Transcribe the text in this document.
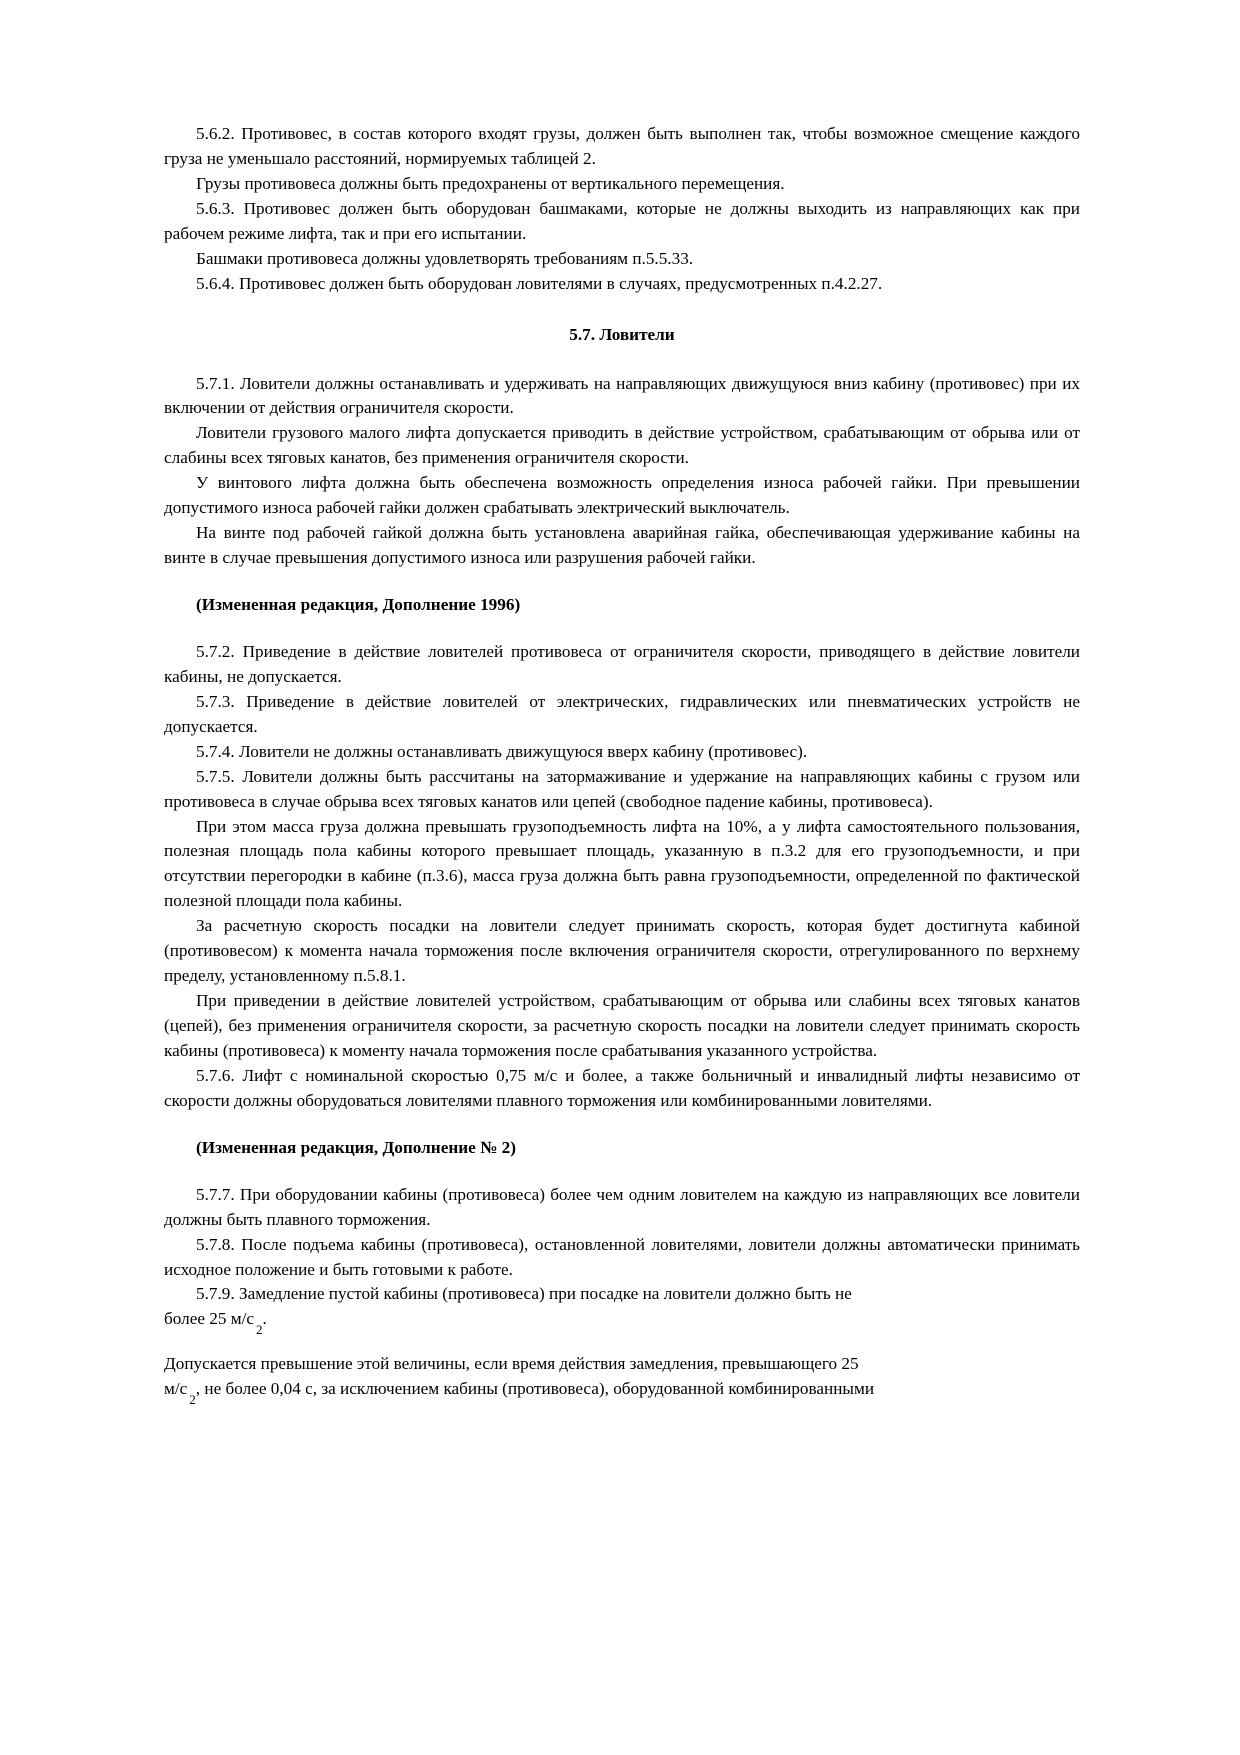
5.6.2. Противовес, в состав которого входят грузы, должен быть выполнен так, чтобы возможное смещение каждого груза не уменьшало расстояний, нормируемых таблицей 2.

Грузы противовеса должны быть предохранены от вертикального перемещения.

5.6.3. Противовес должен быть оборудован башмаками, которые не должны выходить из направляющих как при рабочем режиме лифта, так и при его испытании.

Башмаки противовеса должны удовлетворять требованиям п.5.5.33.

5.6.4. Противовес должен быть оборудован ловителями в случаях, предусмотренных п.4.2.27.

5.7. Ловители

5.7.1. Ловители должны останавливать и удерживать на направляющих движущуюся вниз кабину (противовес) при их включении от действия ограничителя скорости.

Ловители грузового малого лифта допускается приводить в действие устройством, срабатывающим от обрыва или от слабины всех тяговых канатов, без применения ограничителя скорости.

У винтового лифта должна быть обеспечена возможность определения износа рабочей гайки. При превышении допустимого износа рабочей гайки должен срабатывать электрический выключатель.

На винте под рабочей гайкой должна быть установлена аварийная гайка, обеспечивающая удерживание кабины на винте в случае превышения допустимого износа или разрушения рабочей гайки.

(Измененная редакция, Дополнение 1996)

5.7.2. Приведение в действие ловителей противовеса от ограничителя скорости, приводящего в действие ловители кабины, не допускается.

5.7.3. Приведение в действие ловителей от электрических, гидравлических или пневматических устройств не допускается.

5.7.4. Ловители не должны останавливать движущуюся вверх кабину (противовес).

5.7.5. Ловители должны быть рассчитаны на затормаживание и удержание на направляющих кабины с грузом или противовеса в случае обрыва всех тяговых канатов или цепей (свободное падение кабины, противовеса).

При этом масса груза должна превышать грузоподъемность лифта на 10%, а у лифта самостоятельного пользования, полезная площадь пола кабины которого превышает площадь, указанную в п.3.2 для его грузоподъемности, и при отсутствии перегородки в кабине (п.3.6), масса груза должна быть равна грузоподъемности, определенной по фактической полезной площади пола кабины.

За расчетную скорость посадки на ловители следует принимать скорость, которая будет достигнута кабиной (противовесом) к момента начала торможения после включения ограничителя скорости, отрегулированного по верхнему пределу, установленному п.5.8.1.

При приведении в действие ловителей устройством, срабатывающим от обрыва или слабины всех тяговых канатов (цепей), без применения ограничителя скорости, за расчетную скорость посадки на ловители следует принимать скорость кабины (противовеса) к моменту начала торможения после срабатывания указанного устройства.

5.7.6. Лифт с номинальной скоростью 0,75 м/с и более, а также больничный и инвалидный лифты независимо от скорости должны оборудоваться ловителями плавного торможения или комбинированными ловителями.

(Измененная редакция, Дополнение № 2)

5.7.7. При оборудовании кабины (противовеса) более чем одним ловителем на каждую из направляющих все ловители должны быть плавного торможения.

5.7.8. После подъема кабины (противовеса), остановленной ловителями, ловители должны автоматически принимать исходное положение и быть готовыми к работе.

5.7.9. Замедление пустой кабины (противовеса) при посадке на ловители должно быть не

более 25 м/с2.

Допускается превышение этой величины, если время действия замедления, превышающего 25

м/с2, не более 0,04 с, за исключением кабины (противовеса), оборудованной комбинированными
